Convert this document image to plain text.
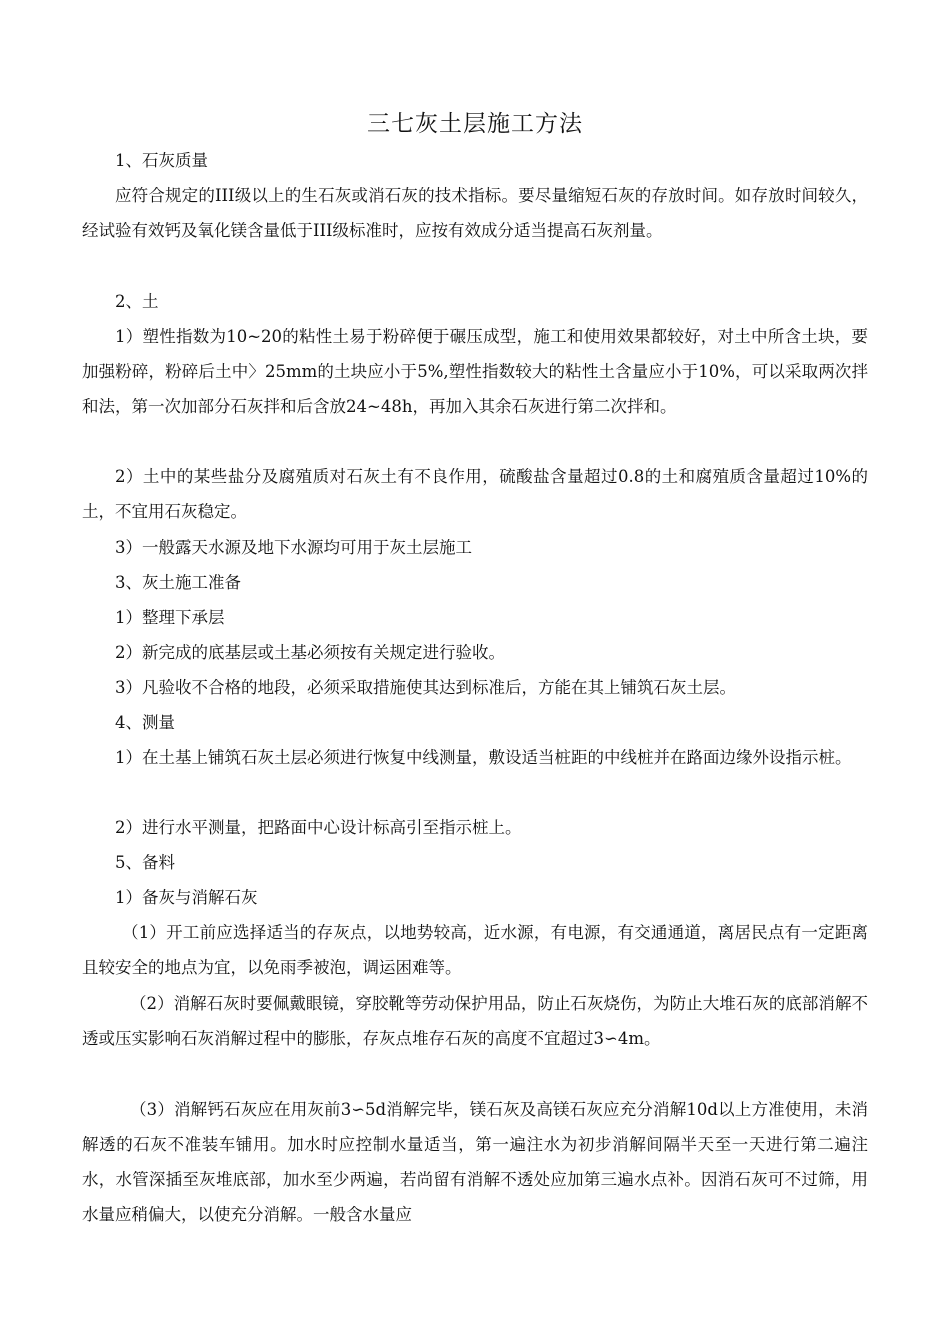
三七灰土层施工方法

1、石灰质量

应符合规定的III级以上的生石灰或消石灰的技术指标。要尽量缩短石灰的存放时间。如存放时间较久，经试验有效钙及氧化镁含量低于III级标准时，应按有效成分适当提高石灰剂量。

2、土

1）塑性指数为10~20的粘性土易于粉碎便于碾压成型，施工和使用效果都较好，对土中所含土块，要加强粉碎，粉碎后土中〉25mm的土块应小于5%,塑性指数较大的粘性土含量应小于10%，可以采取两次拌和法，第一次加部分石灰拌和后含放24~48h，再加入其余石灰进行第二次拌和。

2）土中的某些盐分及腐殖质对石灰土有不良作用，硫酸盐含量超过0.8的土和腐殖质含量超过10%的土，不宜用石灰稳定。

3）一般露天水源及地下水源均可用于灰土层施工

3、灰土施工准备

1）整理下承层

2）新完成的底基层或土基必须按有关规定进行验收。

3）凡验收不合格的地段，必须采取措施使其达到标准后，方能在其上铺筑石灰土层。

4、测量

1）在土基上铺筑石灰土层必须进行恢复中线测量，敷设适当桩距的中线桩并在路面边缘外设指示桩。

2）进行水平测量，把路面中心设计标高引至指示桩上。

5、备料

1）备灰与消解石灰

（1）开工前应选择适当的存灰点，以地势较高，近水源，有电源，有交通通道，离居民点有一定距离且较安全的地点为宜，以免雨季被泡，调运困难等。

（2）消解石灰时要佩戴眼镜，穿胶靴等劳动保护用品，防止石灰烧伤，为防止大堆石灰的底部消解不透或压实影响石灰消解过程中的膨胀，存灰点堆存石灰的高度不宜超过3∽4m。

（3）消解钙石灰应在用灰前3∽5d消解完毕，镁石灰及高镁石灰应充分消解10d以上方准使用，未消解透的石灰不准装车铺用。加水时应控制水量适当，第一遍注水为初步消解间隔半天至一天进行第二遍注水，水管深插至灰堆底部，加水至少两遍，若尚留有消解不透处应加第三遍水点补。因消石灰可不过筛，用水量应稍偏大，以使充分消解。一般含水量应
